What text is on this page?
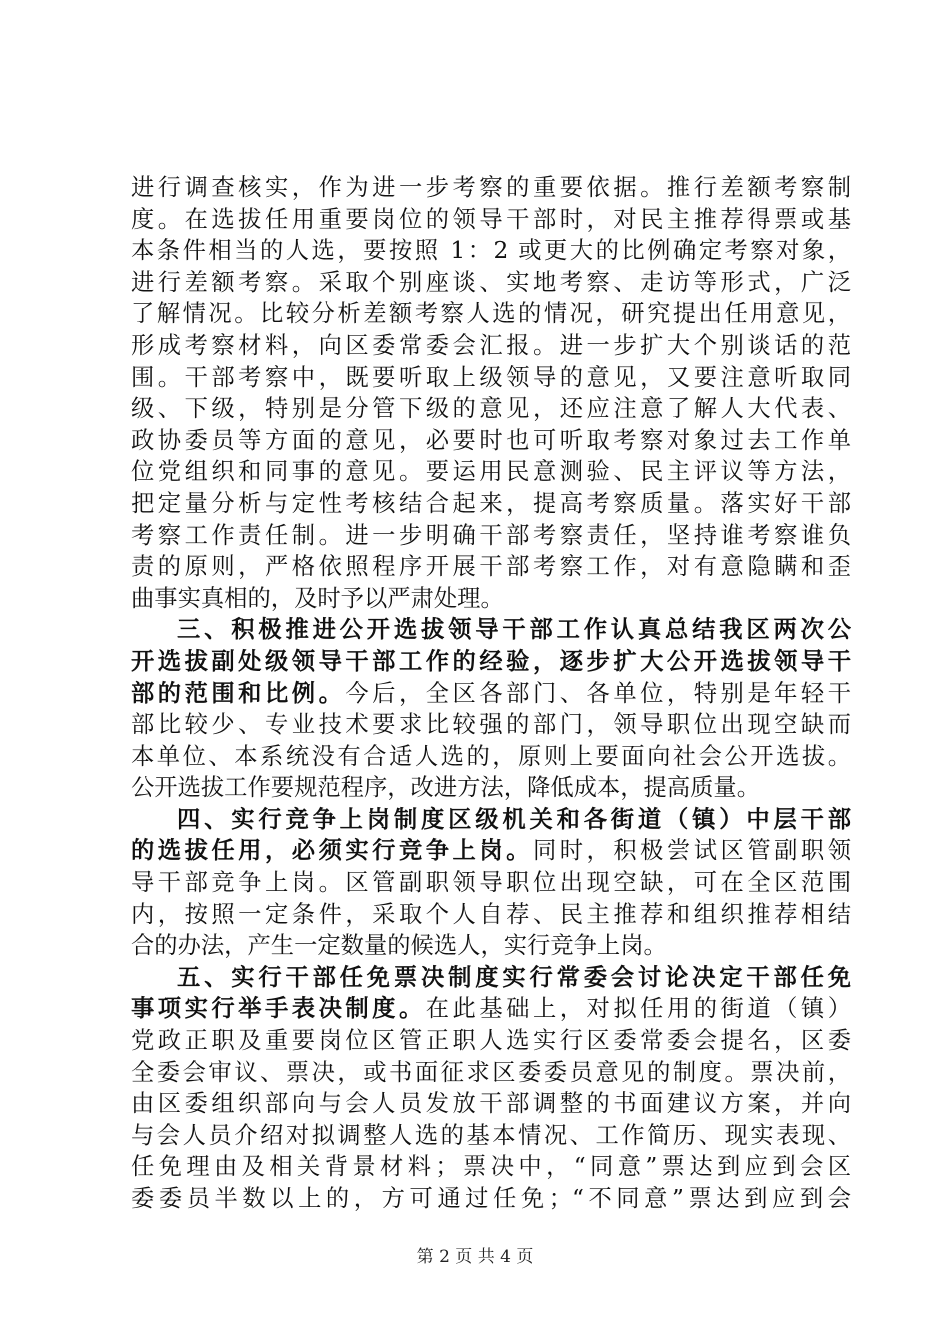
进行调查核实，作为进一步考察的重要依据。推行差额考察制
度。在选拔任用重要岗位的领导干部时，对民主推荐得票或基
本条件相当的人选，要按照 1：2 或更大的比例确定考察对象，
进行差额考察。采取个别座谈、实地考察、走访等形式，广泛
了解情况。比较分析差额考察人选的情况，研究提出任用意见，
形成考察材料，向区委常委会汇报。进一步扩大个别谈话的范
围。干部考察中，既要听取上级领导的意见，又要注意听取同
级、下级，特别是分管下级的意见，还应注意了解人大代表、
政协委员等方面的意见，必要时也可听取考察对象过去工作单
位党组织和同事的意见。要运用民意测验、民主评议等方法，
把定量分析与定性考核结合起来，提高考察质量。落实好干部
考察工作责任制。进一步明确干部考察责任，坚持谁考察谁负
责的原则，严格依照程序开展干部考察工作，对有意隐瞒和歪
曲事实真相的，及时予以严肃处理。
三、积极推进公开选拔领导干部工作认真总结我区两次公
开选拔副处级领导干部工作的经验，逐步扩大公开选拔领导干
部的范围和比例。今后，全区各部门、各单位，特别是年轻干
部比较少、专业技术要求比较强的部门，领导职位出现空缺而
本单位、本系统没有合适人选的，原则上要面向社会公开选拔。
公开选拔工作要规范程序，改进方法，降低成本，提高质量。
四、实行竞争上岗制度区级机关和各街道（镇）中层干部
的选拔任用，必须实行竞争上岗。同时，积极尝试区管副职领
导干部竞争上岗。区管副职领导职位出现空缺，可在全区范围
内，按照一定条件，采取个人自荐、民主推荐和组织推荐相结
合的办法，产生一定数量的候选人，实行竞争上岗。
五、实行干部任免票决制度实行常委会讨论决定干部任免
事项实行举手表决制度。在此基础上，对拟任用的街道（镇）
党政正职及重要岗位区管正职人选实行区委常委会提名，区委
全委会审议、票决，或书面征求区委委员意见的制度。票决前，
由区委组织部向与会人员发放干部调整的书面建议方案，并向
与会人员介绍对拟调整人选的基本情况、工作简历、现实表现、
任免理由及相关背景材料；票决中，“同意”票达到应到会区
委委员半数以上的，方可通过任免；“不同意”票达到应到会
第 2 页 共 4 页
